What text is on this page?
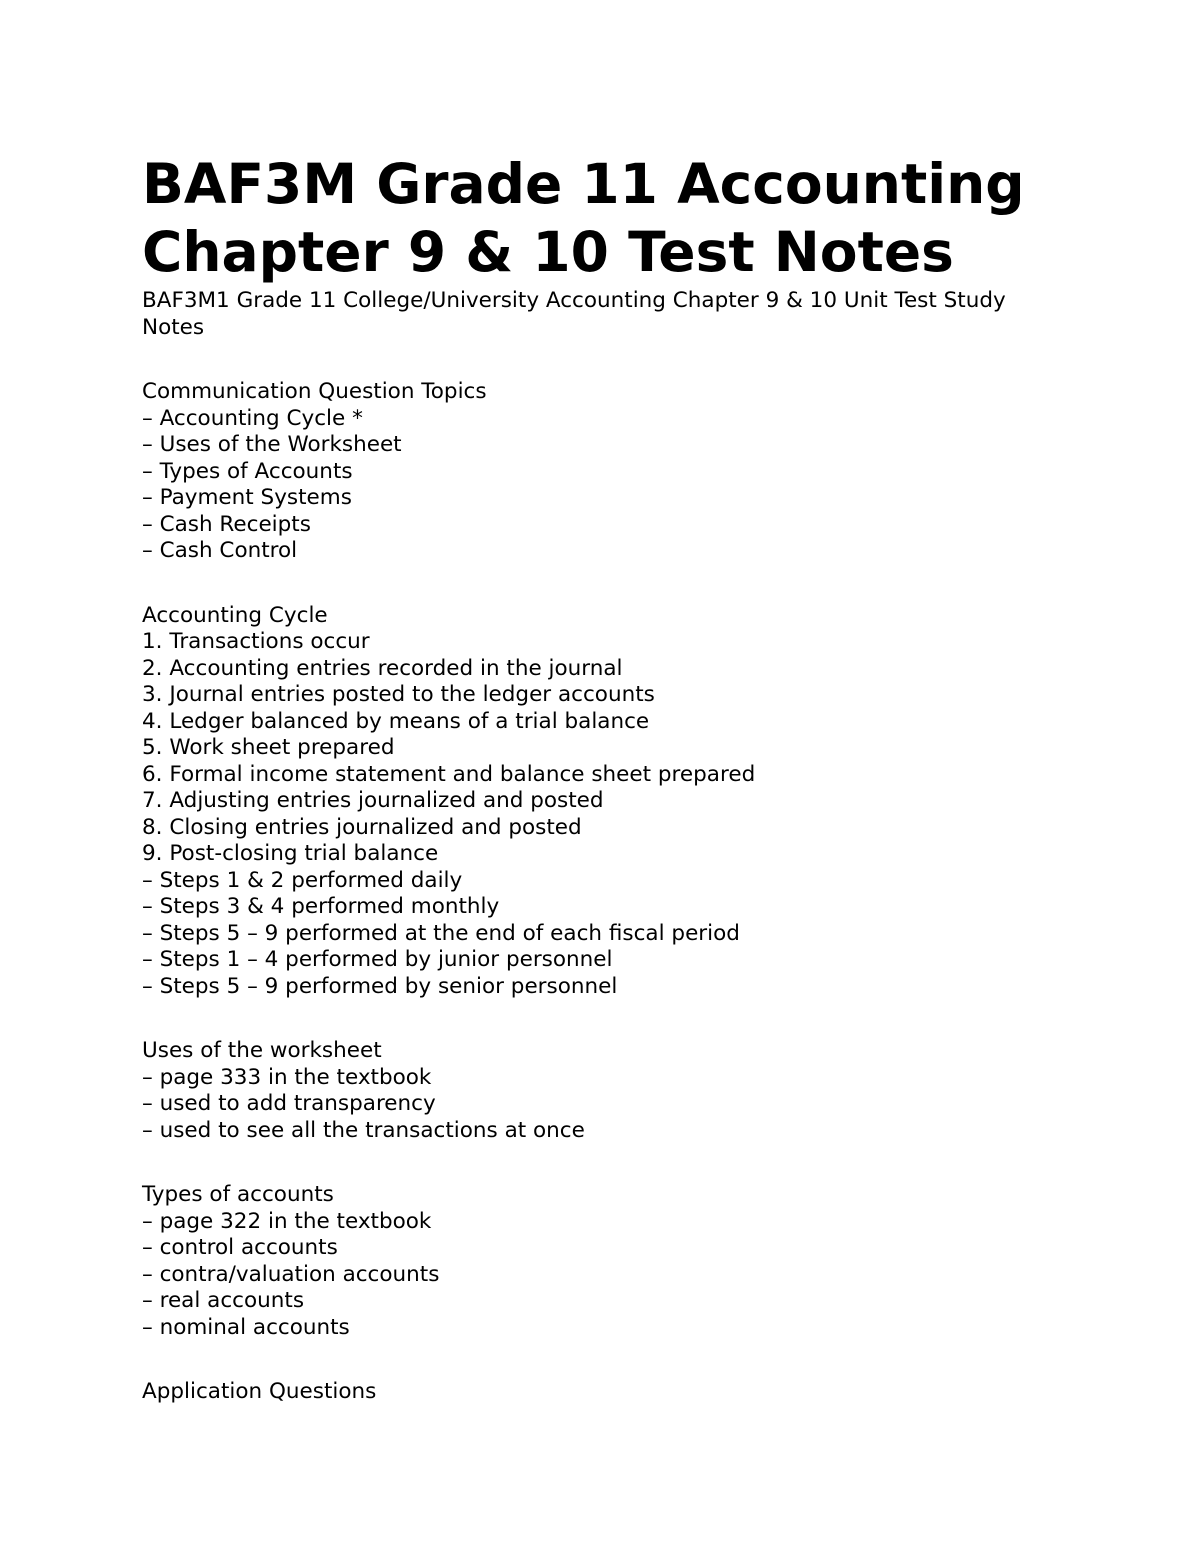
BAF3M Grade 11 Accounting
Chapter 9 & 10 Test Notes
BAF3M1 Grade 11 College/University Accounting Chapter 9 & 10 Unit Test Study
Notes
Communication Question Topics
– Accounting Cycle *
– Uses of the Worksheet
– Types of Accounts
– Payment Systems
– Cash Receipts
– Cash Control
Accounting Cycle
1. Transactions occur
2. Accounting entries recorded in the journal
3. Journal entries posted to the ledger accounts
4. Ledger balanced by means of a trial balance
5. Work sheet prepared
6. Formal income statement and balance sheet prepared
7. Adjusting entries journalized and posted
8. Closing entries journalized and posted
9. Post-closing trial balance
– Steps 1 & 2 performed daily
– Steps 3 & 4 performed monthly
– Steps 5 – 9 performed at the end of each fiscal period
– Steps 1 – 4 performed by junior personnel
– Steps 5 – 9 performed by senior personnel
Uses of the worksheet
– page 333 in the textbook
– used to add transparency
– used to see all the transactions at once
Types of accounts
– page 322 in the textbook
– control accounts
– contra/valuation accounts
– real accounts
– nominal accounts
Application Questions
